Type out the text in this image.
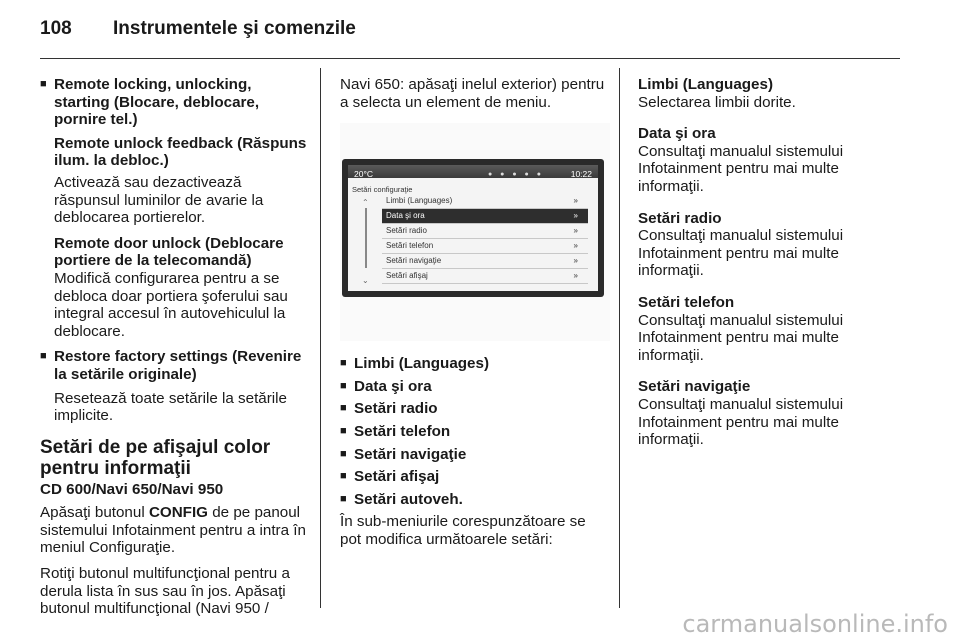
108 Instrumentele şi comenzile
■ Remote locking, unlocking, starting (Blocare, deblocare, pornire tel.)

Remote unlock feedback (Răspuns ilum. la debloc.)

Activează sau dezactivează răspunsul luminilor de avarie la deblocarea portierelor.

Remote door unlock (Deblocare portiere de la telecomandă)

Modifică configurarea pentru a se debloca doar portiera şoferului sau integral accesul în autovehiculul la deblocare.

■ Restore factory settings (Revenire la setările originale)

Resetează toate setările la setările implicite.

Setări de pe afişajul color pentru informaţii

CD 600/Navi 650/Navi 950

Apăsaţi butonul CONFIG de pe panoul sistemului Infotainment pentru a intra în meniul Configuraţie.

Rotiţi butonul multifuncţional pentru a derula lista în sus sau în jos. Apăsaţi butonul multifuncţional (Navi 950 /

Navi 650: apăsaţi inelul exterior) pentru a selecta un element de meniu.

20°C	● ● ● ● ●	10:22
Setări configuraţie
⌃
⌄
Limbi (Languages)	»
Data şi ora	»
Setări radio	»
Setări telefon	»
Setări navigaţie	»
Setări afişaj	»
■ Limbi (Languages)
■ Data şi ora
■ Setări radio
■ Setări telefon
■ Setări navigaţie
■ Setări afişaj
■ Setări autoveh.

În sub-meniurile corespunzătoare se pot modifica următoarele setări:

Limbi (Languages)

Selectarea limbii dorite.

Data şi ora

Consultaţi manualul sistemului Infotainment pentru mai multe informaţii.

Setări radio

Consultaţi manualul sistemului Infotainment pentru mai multe informaţii.

Setări telefon

Consultaţi manualul sistemului Infotainment pentru mai multe informaţii.

Setări navigaţie

Consultaţi manualul sistemului Infotainment pentru mai multe informaţii.

carmanualsonline.info
